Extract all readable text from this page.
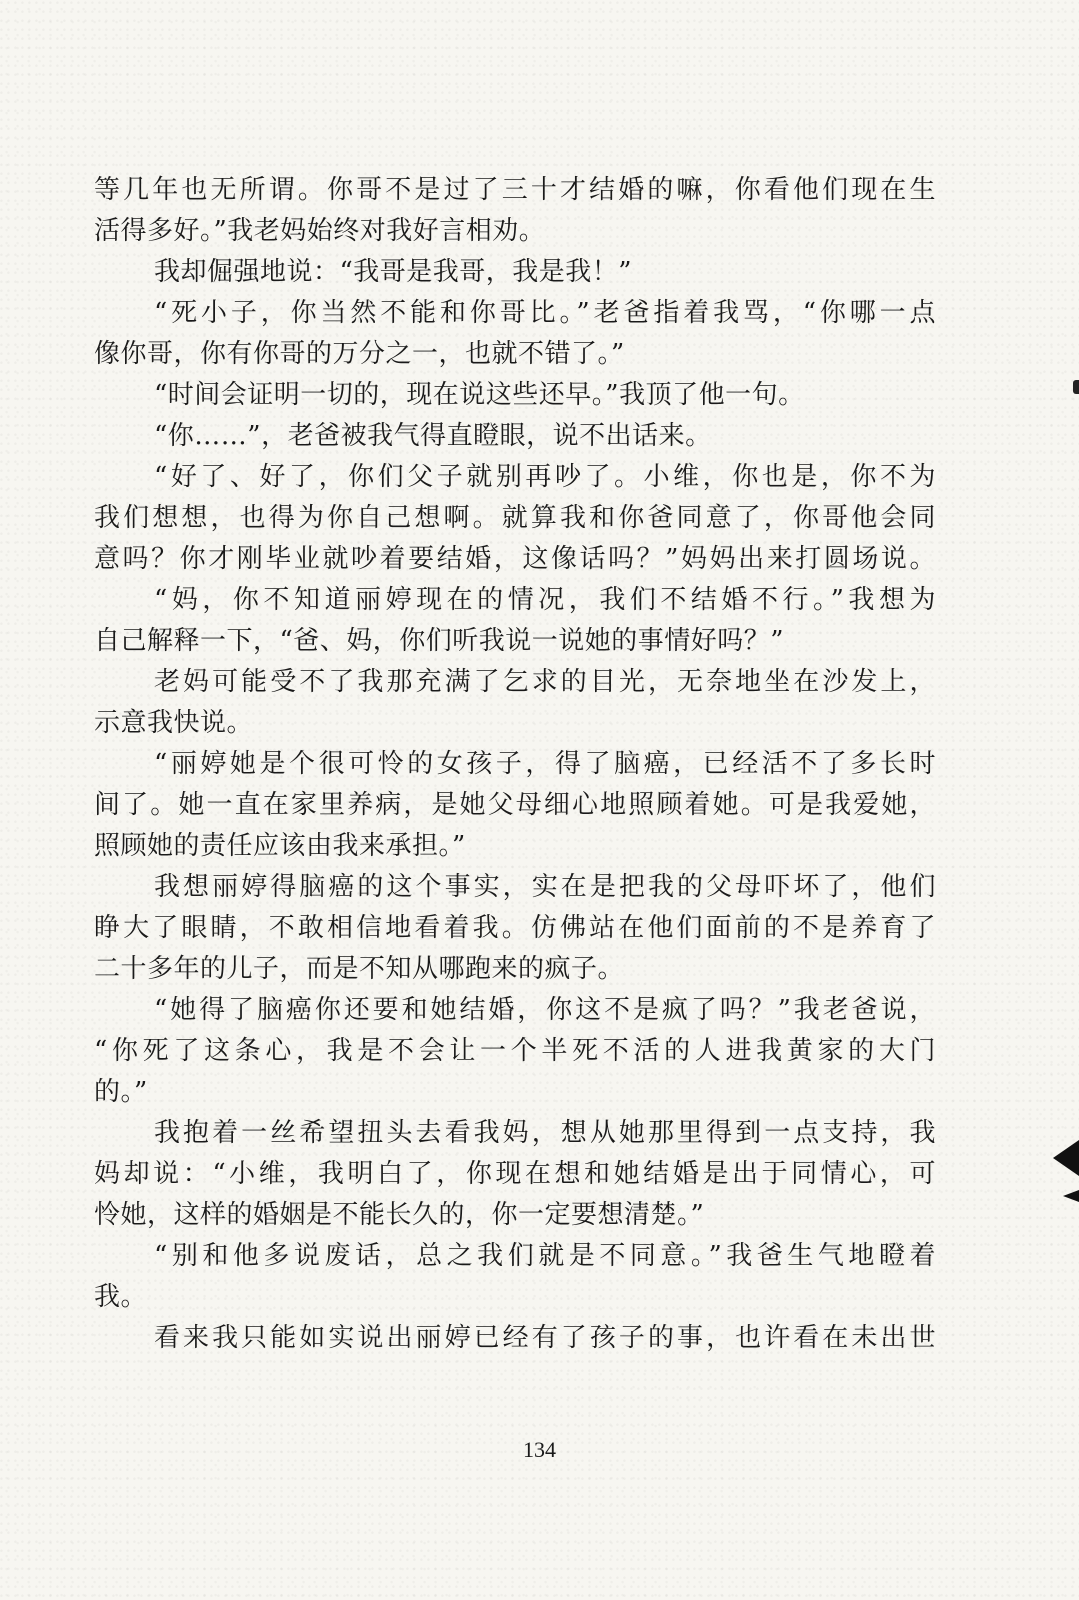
等几年也无所谓。你哥不是过了三十才结婚的嘛，你看他们现在生
活得多好。”我老妈始终对我好言相劝。
我却倔强地说：“我哥是我哥，我是我！”
“死小子，你当然不能和你哥比。”老爸指着我骂，“你哪一点
像你哥，你有你哥的万分之一，也就不错了。”
“时间会证明一切的，现在说这些还早。”我顶了他一句。
“你……”，老爸被我气得直瞪眼，说不出话来。
“好了、好了，你们父子就别再吵了。小维，你也是，你不为
我们想想，也得为你自己想啊。就算我和你爸同意了，你哥他会同
意吗？你才刚毕业就吵着要结婚，这像话吗？”妈妈出来打圆场说。
“妈，你不知道丽婷现在的情况，我们不结婚不行。”我想为
自己解释一下，“爸、妈，你们听我说一说她的事情好吗？”
老妈可能受不了我那充满了乞求的目光，无奈地坐在沙发上，
示意我快说。
“丽婷她是个很可怜的女孩子，得了脑癌，已经活不了多长时
间了。她一直在家里养病，是她父母细心地照顾着她。可是我爱她，
照顾她的责任应该由我来承担。”
我想丽婷得脑癌的这个事实，实在是把我的父母吓坏了，他们
睁大了眼睛，不敢相信地看着我。仿佛站在他们面前的不是养育了
二十多年的儿子，而是不知从哪跑来的疯子。
“她得了脑癌你还要和她结婚，你这不是疯了吗？”我老爸说，
“你死了这条心，我是不会让一个半死不活的人进我黄家的大门
的。”
我抱着一丝希望扭头去看我妈，想从她那里得到一点支持，我
妈却说：“小维，我明白了，你现在想和她结婚是出于同情心，可
怜她，这样的婚姻是不能长久的，你一定要想清楚。”
“别和他多说废话，总之我们就是不同意。”我爸生气地瞪着
我。
看来我只能如实说出丽婷已经有了孩子的事，也许看在未出世
134
